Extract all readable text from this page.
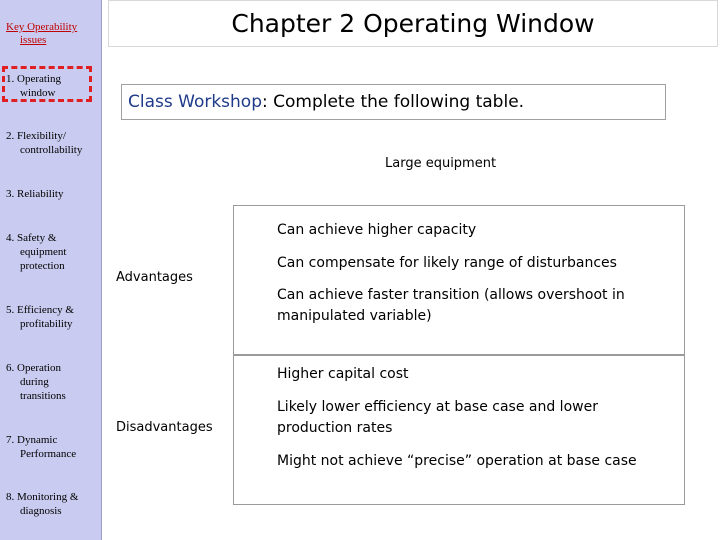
Key Operability
issues
1. Operating
window
2. Flexibility/
controllability
3. Reliability
4. Safety &
equipment
protection
5. Efficiency &
profitability
6. Operation
during
transitions
7. Dynamic
Performance
8. Monitoring &
diagnosis
Chapter 2 Operating Window
Class Workshop : Complete the following table.
Large equipment
Advantages
Disadvantages
Can achieve higher capacity
Can compensate for likely range of disturbances
Can achieve faster transition (allows overshoot in manipulated variable)
Higher capital cost
Likely lower efficiency at base case and lower production rates
Might not achieve “precise” operation at base case
